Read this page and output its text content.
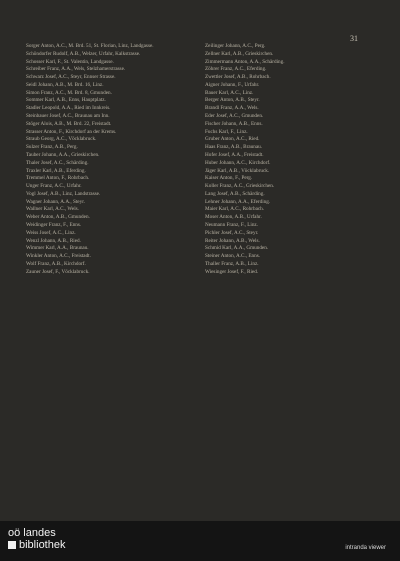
31
Sorger Anton, A.C., M. Brd. 51, St. Florian, Linz, Landgasse.
Schöndorfer Rudolf, A.B., Welzer, Urfahr, Kalkstrasse.
Schosser Karl, F., St. Valentin, Landgasse.
Schreiber Franz, A.A., Wels, Stelzhamerstrasse.
Schwarz Josef, A.C., Steyr, Ennser Strasse.
Seidl Johann, A.B., M. Brd. 16, Linz.
Simon Franz, A.C., M. Brd. 8, Gmunden.
Sommer Karl, A.B., Enns, Hauptplatz.
Stadler Leopold, A.A., Ried im Innkreis.
Steinbauer Josef, A.C., Braunau am Inn.
Stöger Alois, A.B., M. Brd. 22, Freistadt.
Strasser Anton, F., Kirchdorf an der Krems.
Straub Georg, A.C., Vöcklabruck.
Sulzer Franz, A.B., Perg.
Tauber Johann, A.A., Grieskirchen.
Thaler Josef, A.C., Schärding.
Traxler Karl, A.B., Eferding.
Tremmel Anton, F., Rohrbach.
Unger Franz, A.C., Urfahr.
Vogl Josef, A.B., Linz, Landstrasse.
Wagner Johann, A.A., Steyr.
Wallner Karl, A.C., Wels.
Weber Anton, A.B., Gmunden.
Weidinger Franz, F., Enns.
Weiss Josef, A.C., Linz.
Wenzl Johann, A.B., Ried.
Wimmer Karl, A.A., Braunau.
Winkler Anton, A.C., Freistadt.
Wolf Franz, A.B., Kirchdorf.
Zauner Josef, F., Vöcklabruck.
Zeilinger Johann, A.C., Perg.
Zellner Karl, A.B., Grieskirchen.
Zimmermann Anton, A.A., Schärding.
Zöhrer Franz, A.C., Eferding.
Zwettler Josef, A.B., Rohrbach.
Aigner Johann, F., Urfahr.
Bauer Karl, A.C., Linz.
Berger Anton, A.B., Steyr.
Brandl Franz, A.A., Wels.
Eder Josef, A.C., Gmunden.
Fischer Johann, A.B., Enns.
Fuchs Karl, F., Linz.
Gruber Anton, A.C., Ried.
Haas Franz, A.B., Braunau.
Hofer Josef, A.A., Freistadt.
Huber Johann, A.C., Kirchdorf.
Jäger Karl, A.B., Vöcklabruck.
Kaiser Anton, F., Perg.
Koller Franz, A.C., Grieskirchen.
Lang Josef, A.B., Schärding.
Lehner Johann, A.A., Eferding.
Maier Karl, A.C., Rohrbach.
Moser Anton, A.B., Urfahr.
Neumann Franz, F., Linz.
Pichler Josef, A.C., Steyr.
Reiter Johann, A.B., Wels.
Schmid Karl, A.A., Gmunden.
Steiner Anton, A.C., Enns.
Thaller Franz, A.B., Linz.
Wiesinger Josef, F., Ried.
oö landes
bibliothek	intranda viewer
